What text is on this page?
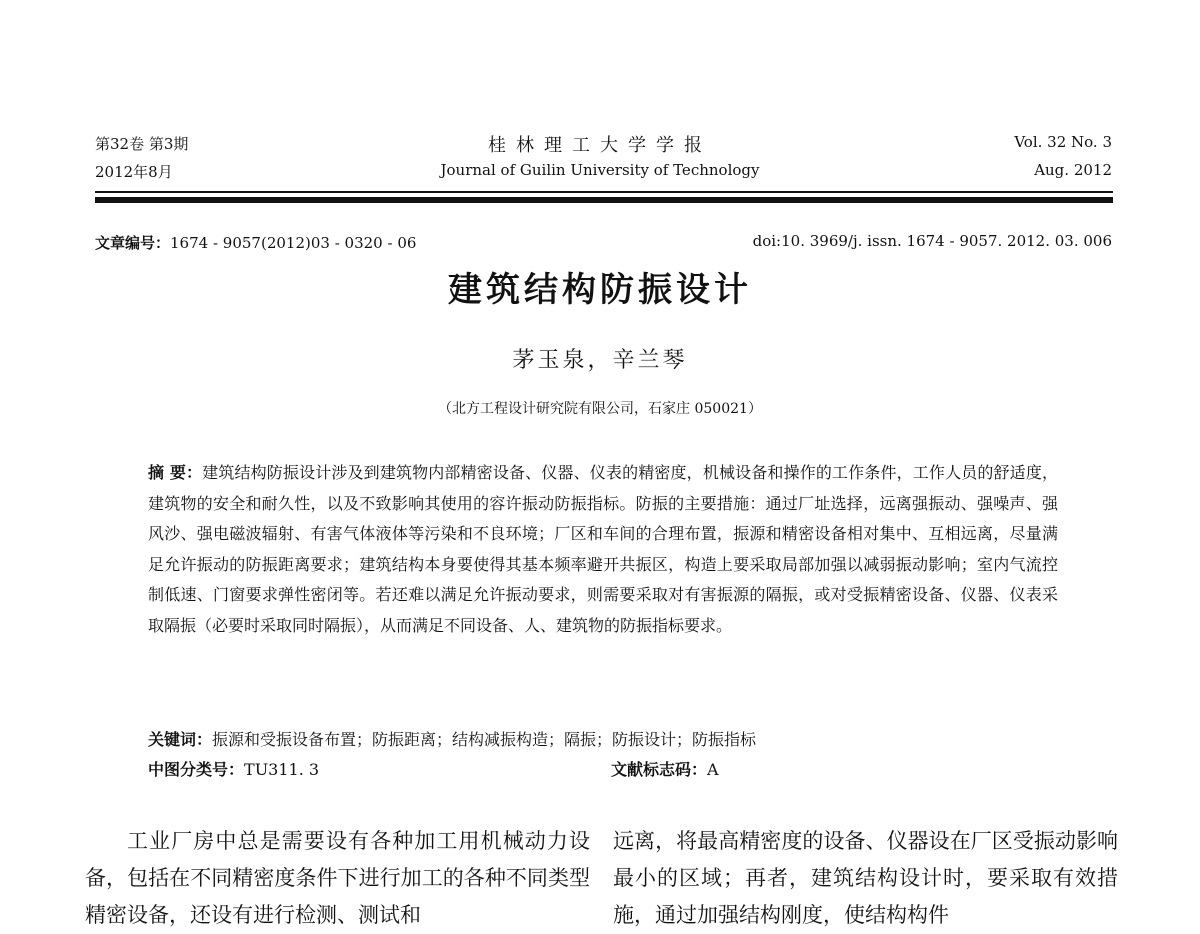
第32卷 第3期
2012年8月
桂林理工大学学报
Journal of Guilin University of Technology
Vol. 32 No. 3
Aug. 2012
文章编号：1674 - 9057(2012)03 - 0320 - 06	doi:10. 3969/j. issn. 1674 - 9057. 2012. 03. 006
建筑结构防振设计
茅玉泉，辛兰琴
（北方工程设计研究院有限公司，石家庄 050021）
摘 要：建筑结构防振设计涉及到建筑物内部精密设备、仪器、仪表的精密度，机械设备和操作的工作条件，工作人员的舒适度，建筑物的安全和耐久性，以及不致影响其使用的容许振动防振指标。防振的主要措施：通过厂址选择，远离强振动、强噪声、强风沙、强电磁波辐射、有害气体液体等污染和不良环境；厂区和车间的合理布置，振源和精密设备相对集中、互相远离，尽量满足允许振动的防振距离要求；建筑结构本身要使得其基本频率避开共振区，构造上要采取局部加强以减弱振动影响；室内气流控制低速、门窗要求弹性密闭等。若还难以满足允许振动要求，则需要采取对有害振源的隔振，或对受振精密设备、仪器、仪表采取隔振（必要时采取同时隔振），从而满足不同设备、人、建筑物的防振指标要求。
关键词：振源和受振设备布置；防振距离；结构减振构造；隔振；防振设计；防振指标
中图分类号：TU311. 3	文献标志码：A
工业厂房中总是需要设有各种加工用机械动力设备，包括在不同精密度条件下进行加工的各种不同类型精密设备，还设有进行检测、测试和
远离，将最高精密度的设备、仪器设在厂区受振动影响最小的区域；再者，建筑结构设计时，要采取有效措施，通过加强结构刚度，使结构构件
